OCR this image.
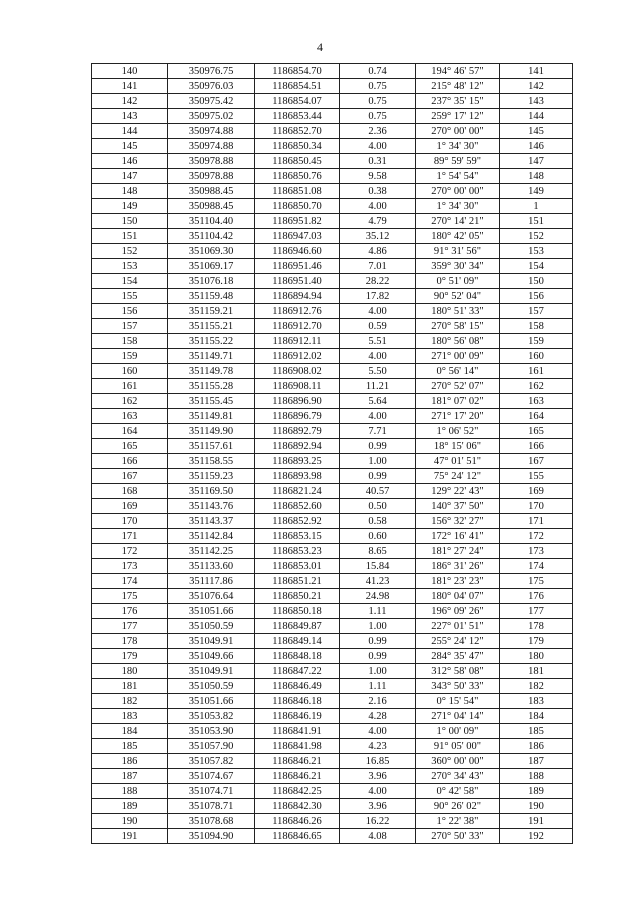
4
140	350976.75	1186854.70	0.74	194° 46' 57"	141
141	350976.03	1186854.51	0.75	215° 48' 12"	142
142	350975.42	1186854.07	0.75	237° 35' 15"	143
143	350975.02	1186853.44	0.75	259° 17' 12"	144
144	350974.88	1186852.70	2.36	270° 00' 00"	145
145	350974.88	1186850.34	4.00	1° 34' 30"	146
146	350978.88	1186850.45	0.31	89° 59' 59"	147
147	350978.88	1186850.76	9.58	1° 54' 54"	148
148	350988.45	1186851.08	0.38	270° 00' 00"	149
149	350988.45	1186850.70	4.00	1° 34' 30"	1
150	351104.40	1186951.82	4.79	270° 14' 21"	151
151	351104.42	1186947.03	35.12	180° 42' 05"	152
152	351069.30	1186946.60	4.86	91° 31' 56"	153
153	351069.17	1186951.46	7.01	359° 30' 34"	154
154	351076.18	1186951.40	28.22	0° 51' 09"	150
155	351159.48	1186894.94	17.82	90° 52' 04"	156
156	351159.21	1186912.76	4.00	180° 51' 33"	157
157	351155.21	1186912.70	0.59	270° 58' 15"	158
158	351155.22	1186912.11	5.51	180° 56' 08"	159
159	351149.71	1186912.02	4.00	271° 00' 09"	160
160	351149.78	1186908.02	5.50	0° 56' 14"	161
161	351155.28	1186908.11	11.21	270° 52' 07"	162
162	351155.45	1186896.90	5.64	181° 07' 02"	163
163	351149.81	1186896.79	4.00	271° 17' 20"	164
164	351149.90	1186892.79	7.71	1° 06' 52"	165
165	351157.61	1186892.94	0.99	18° 15' 06"	166
166	351158.55	1186893.25	1.00	47° 01' 51"	167
167	351159.23	1186893.98	0.99	75° 24' 12"	155
168	351169.50	1186821.24	40.57	129° 22' 43"	169
169	351143.76	1186852.60	0.50	140° 37' 50"	170
170	351143.37	1186852.92	0.58	156° 32' 27"	171
171	351142.84	1186853.15	0.60	172° 16' 41"	172
172	351142.25	1186853.23	8.65	181° 27' 24"	173
173	351133.60	1186853.01	15.84	186° 31' 26"	174
174	351117.86	1186851.21	41.23	181° 23' 23"	175
175	351076.64	1186850.21	24.98	180° 04' 07"	176
176	351051.66	1186850.18	1.11	196° 09' 26"	177
177	351050.59	1186849.87	1.00	227° 01' 51"	178
178	351049.91	1186849.14	0.99	255° 24' 12"	179
179	351049.66	1186848.18	0.99	284° 35' 47"	180
180	351049.91	1186847.22	1.00	312° 58' 08"	181
181	351050.59	1186846.49	1.11	343° 50' 33"	182
182	351051.66	1186846.18	2.16	0° 15' 54"	183
183	351053.82	1186846.19	4.28	271° 04' 14"	184
184	351053.90	1186841.91	4.00	1° 00' 09"	185
185	351057.90	1186841.98	4.23	91° 05' 00"	186
186	351057.82	1186846.21	16.85	360° 00' 00"	187
187	351074.67	1186846.21	3.96	270° 34' 43"	188
188	351074.71	1186842.25	4.00	0° 42' 58"	189
189	351078.71	1186842.30	3.96	90° 26' 02"	190
190	351078.68	1186846.26	16.22	1° 22' 38"	191
191	351094.90	1186846.65	4.08	270° 50' 33"	192
